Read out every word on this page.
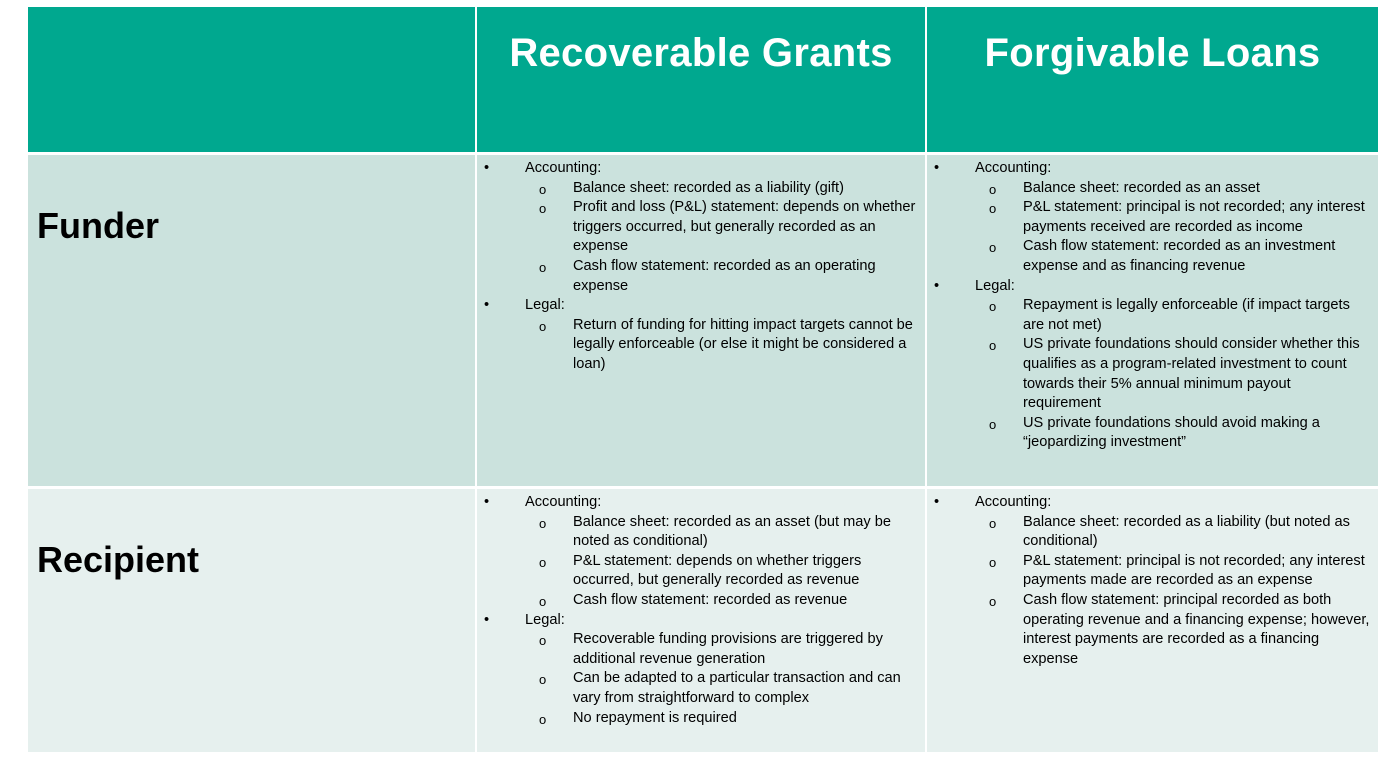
Recoverable Grants	Forgivable Loans
Funder
• Accounting:
o Balance sheet: recorded as a liability (gift)
o Profit and loss (P&L) statement: depends on whether triggers occurred, but generally recorded as an expense
o Cash flow statement: recorded as an operating expense
• Legal:
o Return of funding for hitting impact targets cannot be legally enforceable (or else it might be considered a loan)
• Accounting:
o Balance sheet: recorded as an asset
o P&L statement: principal is not recorded; any interest payments received are recorded as income
o Cash flow statement: recorded as an investment expense and as financing revenue
• Legal:
o Repayment is legally enforceable (if impact targets are not met)
o US private foundations should consider whether this qualifies as a program-related investment to count towards their 5% annual minimum payout requirement
o US private foundations should avoid making a “jeopardizing investment”
Recipient
• Accounting:
o Balance sheet: recorded as an asset (but may be noted as conditional)
o P&L statement: depends on whether triggers occurred, but generally recorded as revenue
o Cash flow statement: recorded as revenue
• Legal:
o Recoverable funding provisions are triggered by additional revenue generation
o Can be adapted to a particular transaction and can vary from straightforward to complex
o No repayment is required
• Accounting:
o Balance sheet: recorded as a liability (but noted as conditional)
o P&L statement: principal is not recorded; any interest payments made are recorded as an expense
o Cash flow statement: principal recorded as both operating revenue and a financing expense; however, interest payments are recorded as a financing expense
